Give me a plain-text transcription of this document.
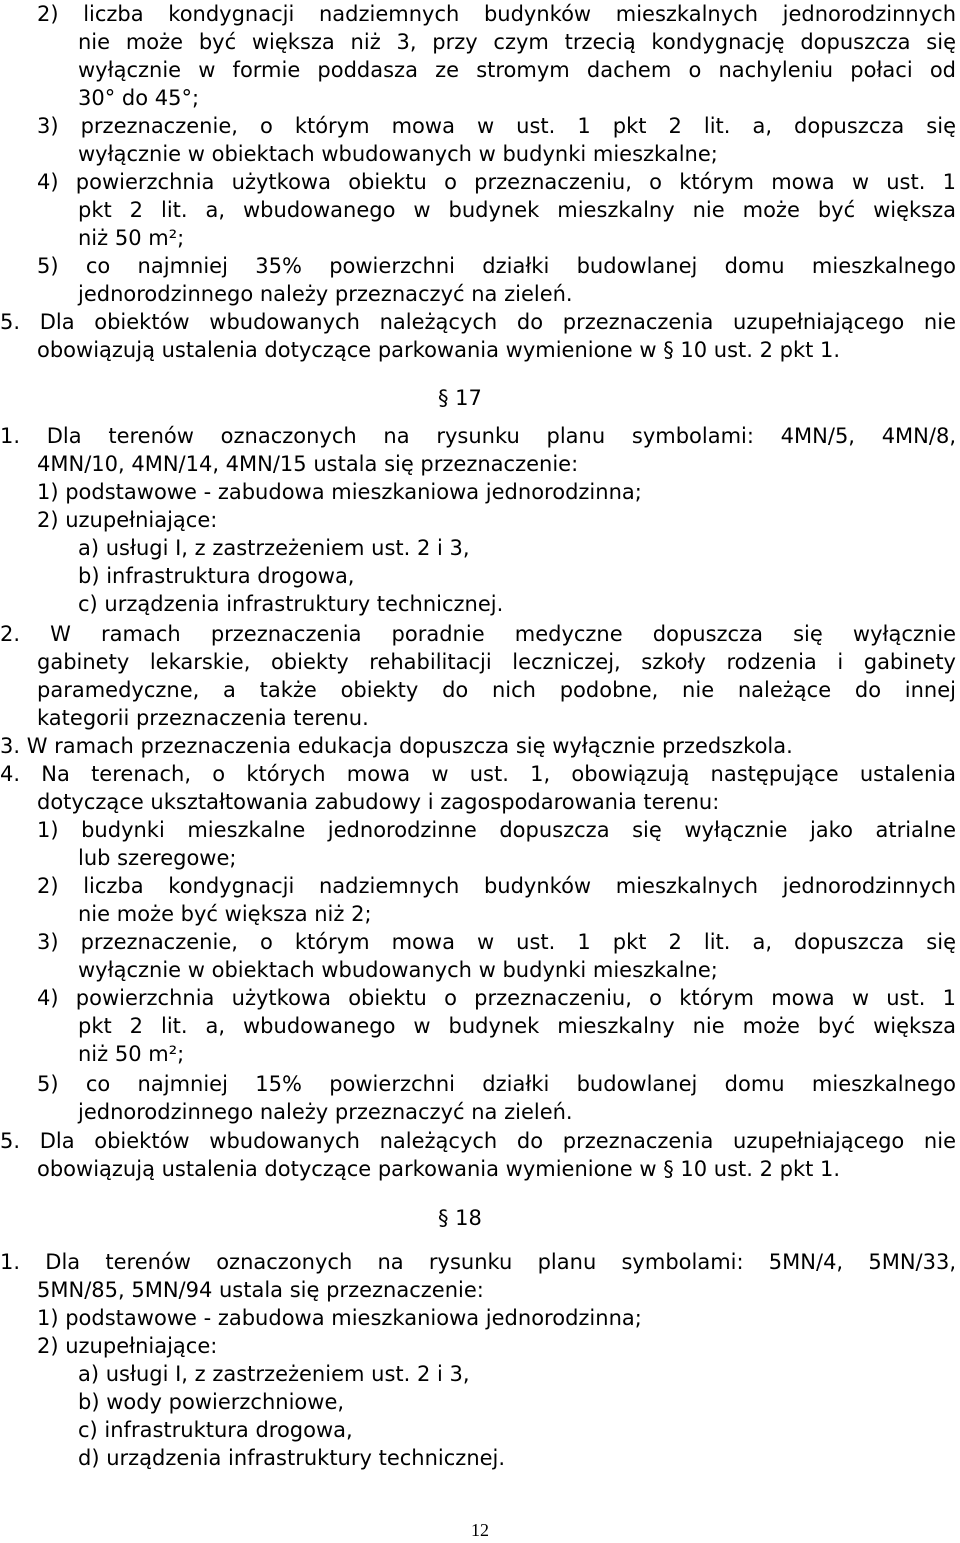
2) liczba kondygnacji nadziemnych budynków mieszkalnych jednorodzinnych
nie może być większa niż 3, przy czym trzecią kondygnację dopuszcza się
wyłącznie w formie poddasza ze stromym dachem o nachyleniu połaci od
30° do 45°;
3) przeznaczenie, o którym mowa w ust. 1 pkt 2 lit. a, dopuszcza się
wyłącznie w obiektach wbudowanych w budynki mieszkalne;
4) powierzchnia użytkowa obiektu o przeznaczeniu, o którym mowa w ust. 1
pkt 2 lit. a, wbudowanego w budynek mieszkalny nie może być większa
niż 50 m²;
5) co najmniej 35% powierzchni działki budowlanej domu mieszkalnego
jednorodzinnego należy przeznaczyć na zieleń.
5. Dla obiektów wbudowanych należących do przeznaczenia uzupełniającego nie
obowiązują ustalenia dotyczące parkowania wymienione w § 10 ust. 2 pkt 1.
§ 17
1. Dla terenów oznaczonych na rysunku planu symbolami: 4MN/5, 4MN/8,
4MN/10, 4MN/14, 4MN/15 ustala się przeznaczenie:
1) podstawowe - zabudowa mieszkaniowa jednorodzinna;
2) uzupełniające:
a) usługi I, z zastrzeżeniem ust. 2 i 3,
b) infrastruktura drogowa,
c) urządzenia infrastruktury technicznej.
2. W ramach przeznaczenia poradnie medyczne dopuszcza się wyłącznie
gabinety lekarskie, obiekty rehabilitacji leczniczej, szkoły rodzenia i gabinety
paramedyczne, a także obiekty do nich podobne, nie należące do innej
kategorii przeznaczenia terenu.
3. W ramach przeznaczenia edukacja dopuszcza się wyłącznie przedszkola.
4. Na terenach, o których mowa w ust. 1, obowiązują następujące ustalenia
dotyczące ukształtowania zabudowy i zagospodarowania terenu:
1) budynki mieszkalne jednorodzinne dopuszcza się wyłącznie jako atrialne
lub szeregowe;
2) liczba kondygnacji nadziemnych budynków mieszkalnych jednorodzinnych
nie może być większa niż 2;
3) przeznaczenie, o którym mowa w ust. 1 pkt 2 lit. a, dopuszcza się
wyłącznie w obiektach wbudowanych w budynki mieszkalne;
4) powierzchnia użytkowa obiektu o przeznaczeniu, o którym mowa w ust. 1
pkt 2 lit. a, wbudowanego w budynek mieszkalny nie może być większa
niż 50 m²;
5) co najmniej 15% powierzchni działki budowlanej domu mieszkalnego
jednorodzinnego należy przeznaczyć na zieleń.
5. Dla obiektów wbudowanych należących do przeznaczenia uzupełniającego nie
obowiązują ustalenia dotyczące parkowania wymienione w § 10 ust. 2 pkt 1.
§ 18
1. Dla terenów oznaczonych na rysunku planu symbolami: 5MN/4, 5MN/33,
5MN/85, 5MN/94 ustala się przeznaczenie:
1) podstawowe - zabudowa mieszkaniowa jednorodzinna;
2) uzupełniające:
a) usługi I, z zastrzeżeniem ust. 2 i 3,
b) wody powierzchniowe,
c) infrastruktura drogowa,
d) urządzenia infrastruktury technicznej.
12
